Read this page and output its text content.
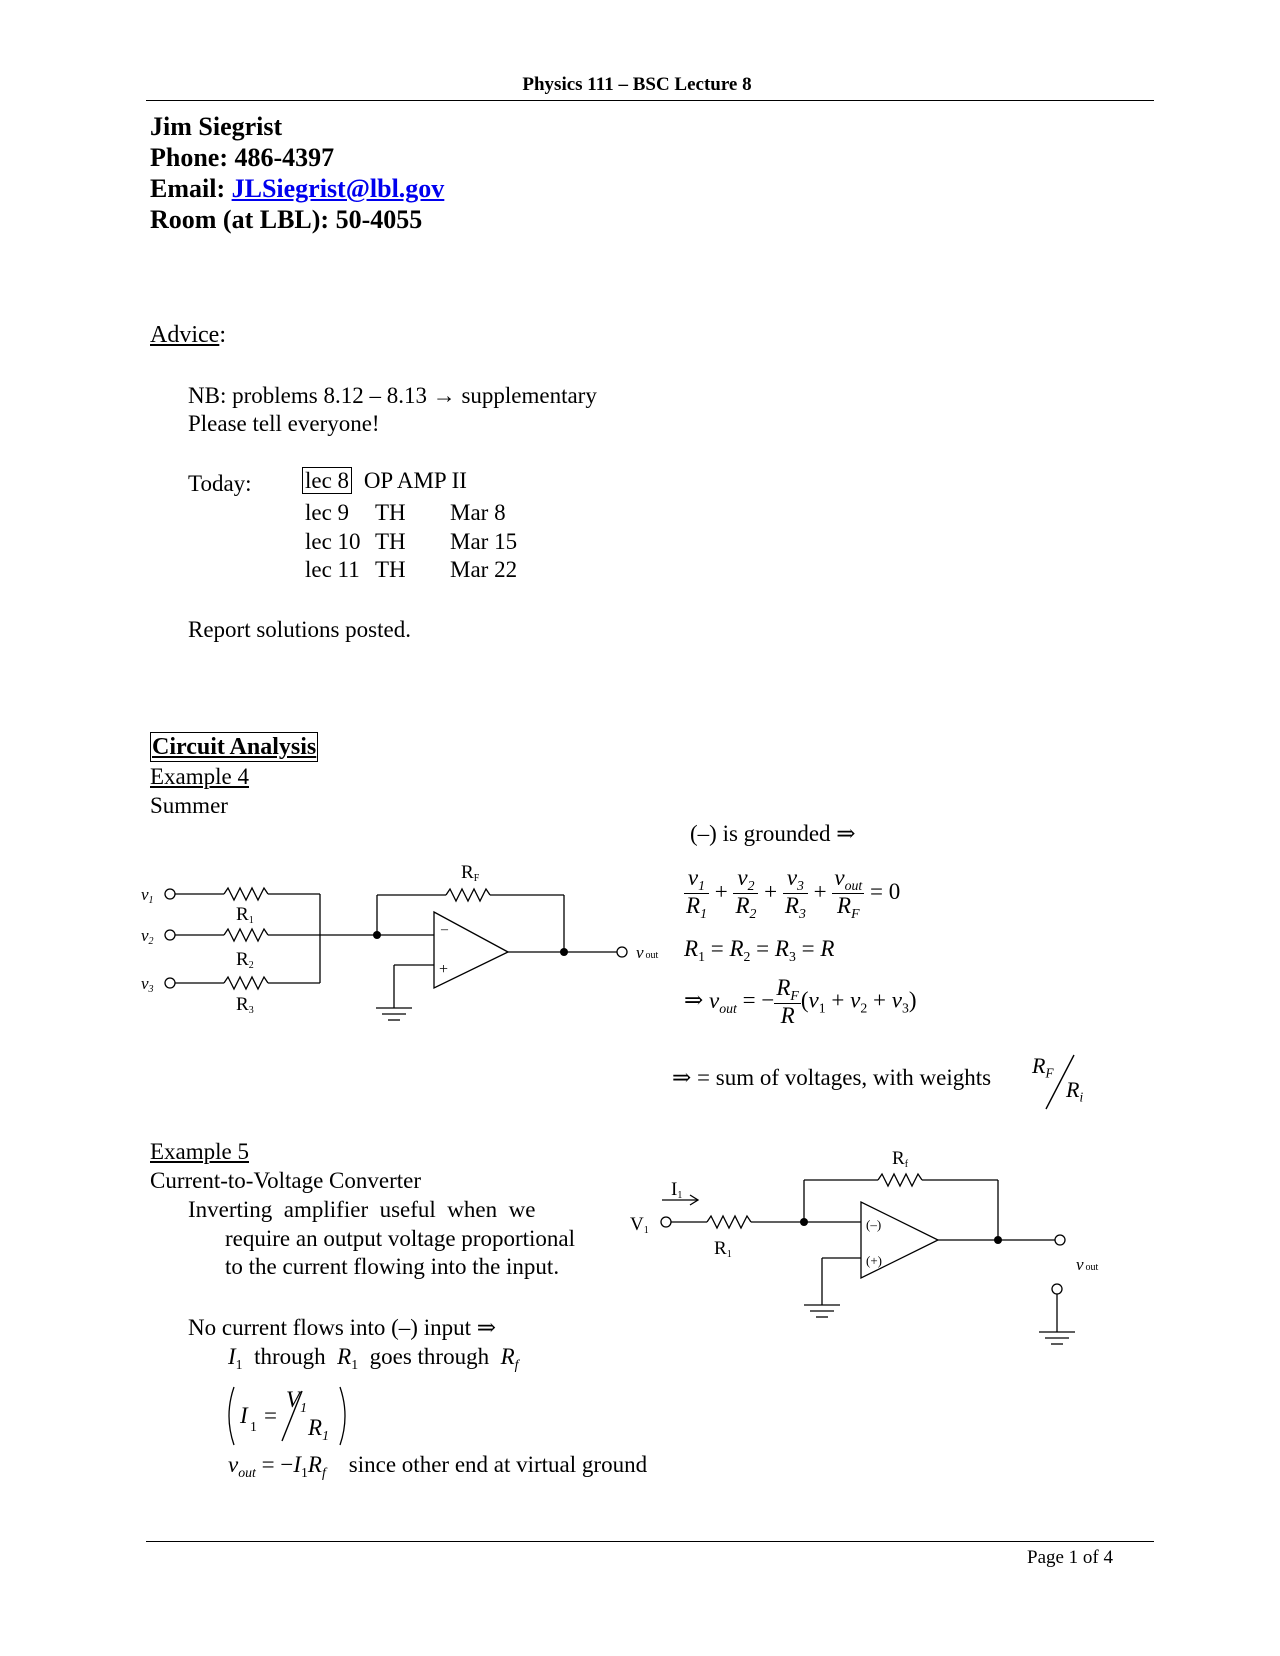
Physics 111 – BSC Lecture 8
Jim Siegrist
Phone: 486-4397
Email: JLSiegrist@lbl.gov
Room (at LBL): 50-4055
Advice:
NB: problems 8.12 – 8.13 → supplementary
Please tell everyone!
Today: lec 8 OP AMP II
lec 9 TH Mar 8
lec 10 TH Mar 15
lec 11 TH Mar 22
Report solutions posted.
Circuit Analysis
Example 4
Summer
–
+
v1
v2
v3
R1
R2
R3
RF
vout
(–) is grounded ⇒
$\frac{v_1}{R_1} + \frac{v_2}{R_2} + \frac{v_3}{R_3} + \frac{v_{out}}{R_F} = 0$
$R_1 = R_2 = R_3 = R$
⇒ $v_{out}$ = − $\frac{R_F}{R} (v_1 + v_2 + v_3)$
⇒ = sum of voltages, with weights $R_F$
$R_i$
Example 5
Current-to-Voltage Converter
Inverting  amplifier  useful  when  we
require an output voltage proportional
to the current flowing into the input.
I1
V1
R1
Rf
(–)
(+)	vout
No current flows into (–) input ⇒
$I_1$ through $R_1$ goes through $R_f$
I 1 =
$V_1$
$R_1$
$v_{out} = -I_1R_f$ since other end at virtual ground
Page 1 of 4
